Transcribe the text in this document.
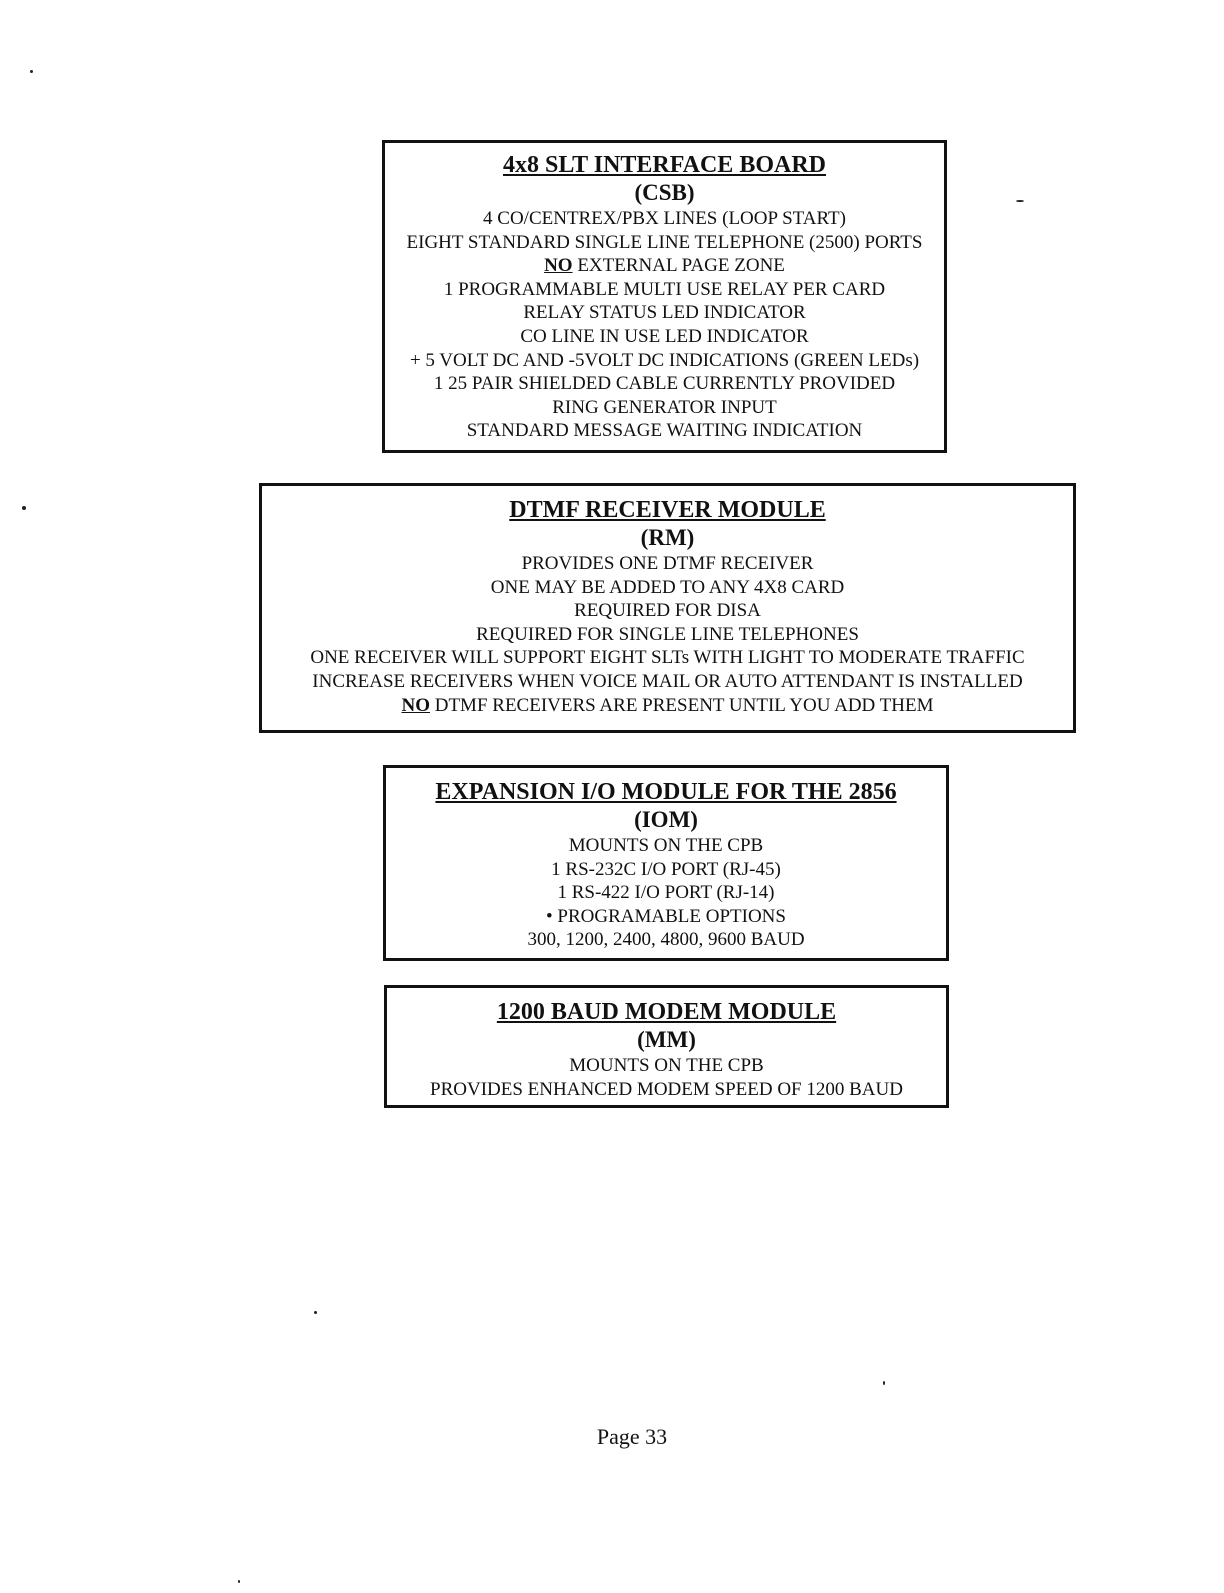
4x8 SLT INTERFACE BOARD
(CSB)
4 CO/CENTREX/PBX LINES (LOOP START)
EIGHT STANDARD SINGLE LINE TELEPHONE (2500) PORTS
NO EXTERNAL PAGE ZONE
1 PROGRAMMABLE MULTI USE RELAY PER CARD
RELAY STATUS LED INDICATOR
CO LINE IN USE LED INDICATOR
+ 5 VOLT DC AND -5VOLT DC INDICATIONS (GREEN LEDs)
1 25 PAIR SHIELDED CABLE CURRENTLY PROVIDED
RING GENERATOR INPUT
STANDARD MESSAGE WAITING INDICATION
DTMF RECEIVER MODULE
(RM)
PROVIDES ONE DTMF RECEIVER
ONE MAY BE ADDED TO ANY 4X8 CARD
REQUIRED FOR DISA
REQUIRED FOR SINGLE LINE TELEPHONES
ONE RECEIVER WILL SUPPORT EIGHT SLTs WITH LIGHT TO MODERATE TRAFFIC
INCREASE RECEIVERS WHEN VOICE MAIL OR AUTO ATTENDANT IS INSTALLED
NO DTMF RECEIVERS ARE PRESENT UNTIL YOU ADD THEM
EXPANSION I/O MODULE FOR THE 2856
(IOM)
MOUNTS ON THE CPB
1 RS-232C I/O PORT (RJ-45)
1 RS-422 I/O PORT (RJ-14)
• PROGRAMABLE OPTIONS
300, 1200, 2400, 4800, 9600 BAUD
1200 BAUD MODEM MODULE
(MM)
MOUNTS ON THE CPB
PROVIDES ENHANCED MODEM SPEED OF 1200 BAUD
Page 33
